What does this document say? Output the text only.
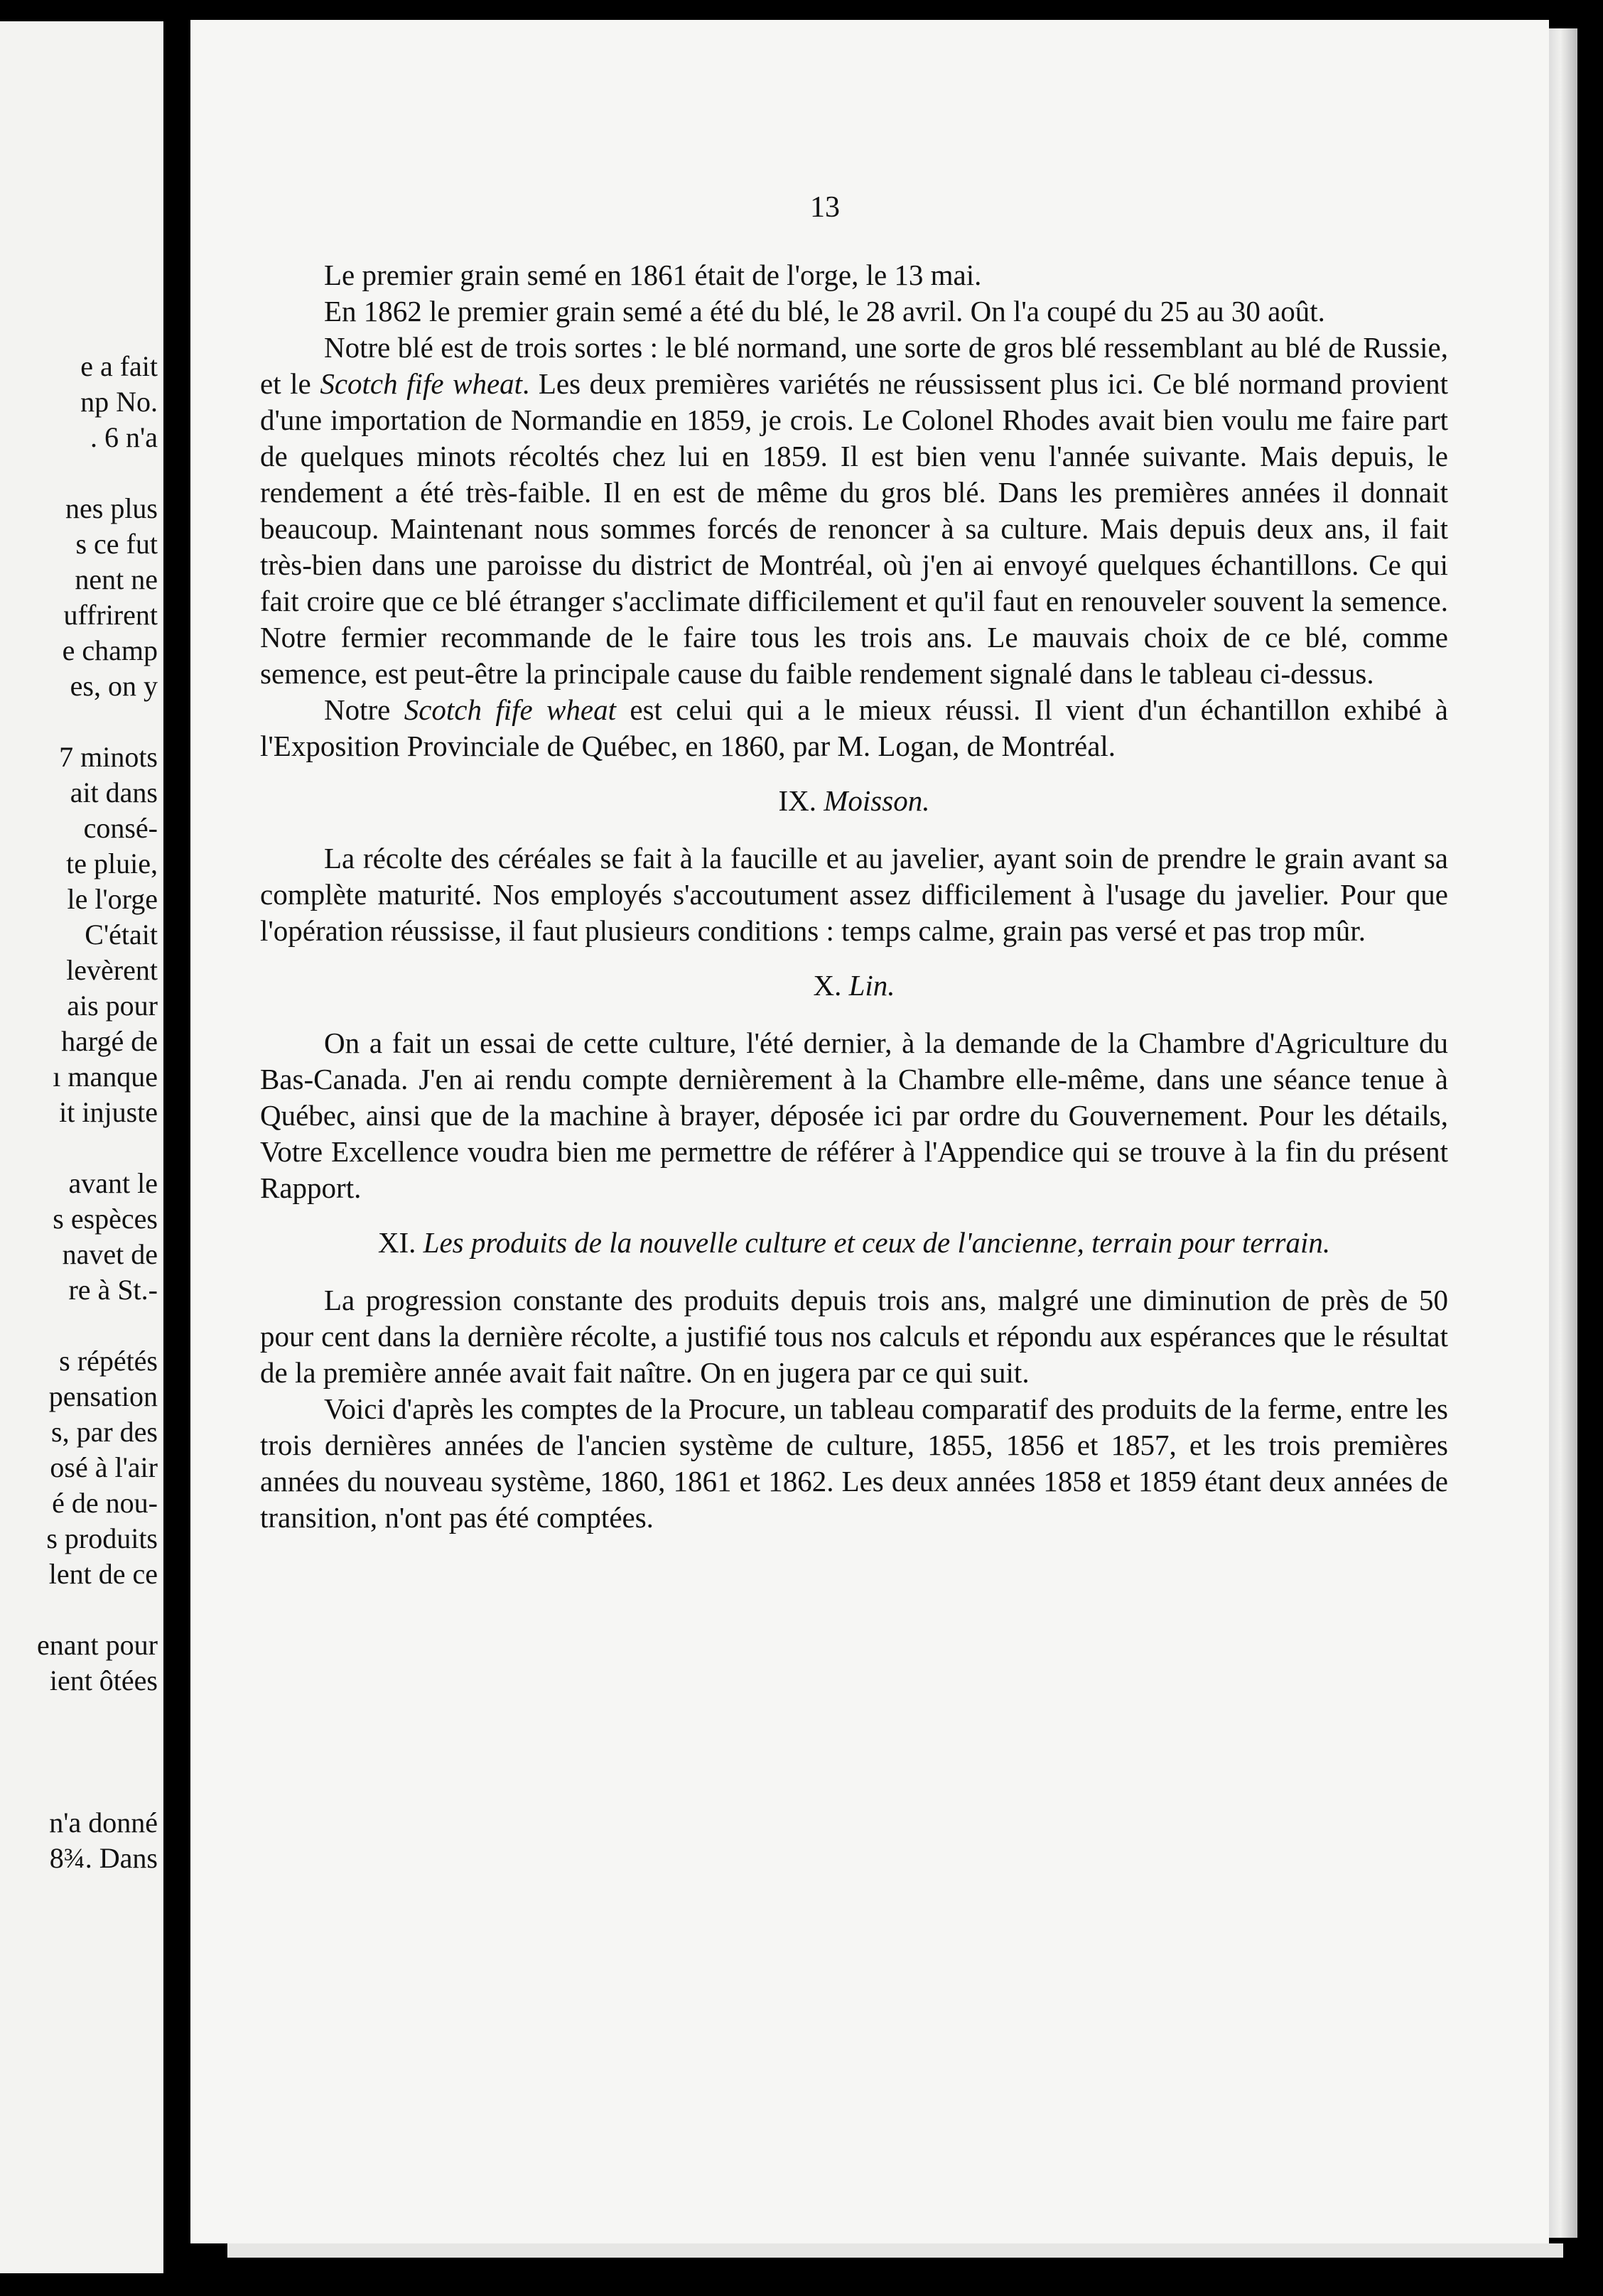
e a fait
np No.
. 6 n'a
nes plus
s ce fut
nent ne
uffrirent
e champ
es, on y
7 minots
ait dans
consé-
te pluie,
le l'orge
C'était
levèrent
ais pour
hargé de
ı manque
it injuste
avant le
s espèces
navet de
re à St.-
s répétés
pensation
s, par des
osé à l'air
é de nou-
s produits
lent de ce
enant pour
ient ôtées
n'a donné
8¾. Dans
13

Le premier grain semé en 1861 était de l'orge, le 13 mai.

En 1862 le premier grain semé a été du blé, le 28 avril. On l'a coupé du 25 au 30 août.

Notre blé est de trois sortes : le blé normand, une sorte de gros blé ressemblant au blé de Russie, et le Scotch fife wheat. Les deux premières variétés ne réussissent plus ici. Ce blé normand provient d'une importation de Normandie en 1859, je crois. Le Colonel Rhodes avait bien voulu me faire part de quelques minots récoltés chez lui en 1859. Il est bien venu l'année suivante. Mais depuis, le rendement a été très-faible. Il en est de même du gros blé. Dans les premières années il donnait beaucoup. Maintenant nous sommes forcés de renoncer à sa culture. Mais depuis deux ans, il fait très-bien dans une paroisse du district de Montréal, où j'en ai envoyé quelques échantillons. Ce qui fait croire que ce blé étranger s'acclimate difficilement et qu'il faut en renouveler souvent la semence. Notre fermier recommande de le faire tous les trois ans. Le mauvais choix de ce blé, comme semence, est peut-être la principale cause du faible rendement signalé dans le tableau ci-dessus.

Notre Scotch fife wheat est celui qui a le mieux réussi. Il vient d'un échantillon exhibé à l'Exposition Provinciale de Québec, en 1860, par M. Logan, de Montréal.

IX. Moisson.

La récolte des céréales se fait à la faucille et au javelier, ayant soin de prendre le grain avant sa complète maturité. Nos employés s'accoutument assez difficilement à l'usage du javelier. Pour que l'opération réussisse, il faut plusieurs conditions : temps calme, grain pas versé et pas trop mûr.

X. Lin.

On a fait un essai de cette culture, l'été dernier, à la demande de la Chambre d'Agriculture du Bas-Canada. J'en ai rendu compte dernièrement à la Chambre elle-même, dans une séance tenue à Québec, ainsi que de la machine à brayer, déposée ici par ordre du Gouvernement. Pour les détails, Votre Excellence voudra bien me permettre de référer à l'Appendice qui se trouve à la fin du présent Rapport.

XI. Les produits de la nouvelle culture et ceux de l'ancienne, terrain pour terrain.

La progression constante des produits depuis trois ans, malgré une diminution de près de 50 pour cent dans la dernière récolte, a justifié tous nos calculs et répondu aux espérances que le résultat de la première année avait fait naître. On en jugera par ce qui suit.

Voici d'après les comptes de la Procure, un tableau comparatif des produits de la ferme, entre les trois dernières années de l'ancien système de culture, 1855, 1856 et 1857, et les trois premières années du nouveau système, 1860, 1861 et 1862. Les deux années 1858 et 1859 étant deux années de transition, n'ont pas été comptées.
